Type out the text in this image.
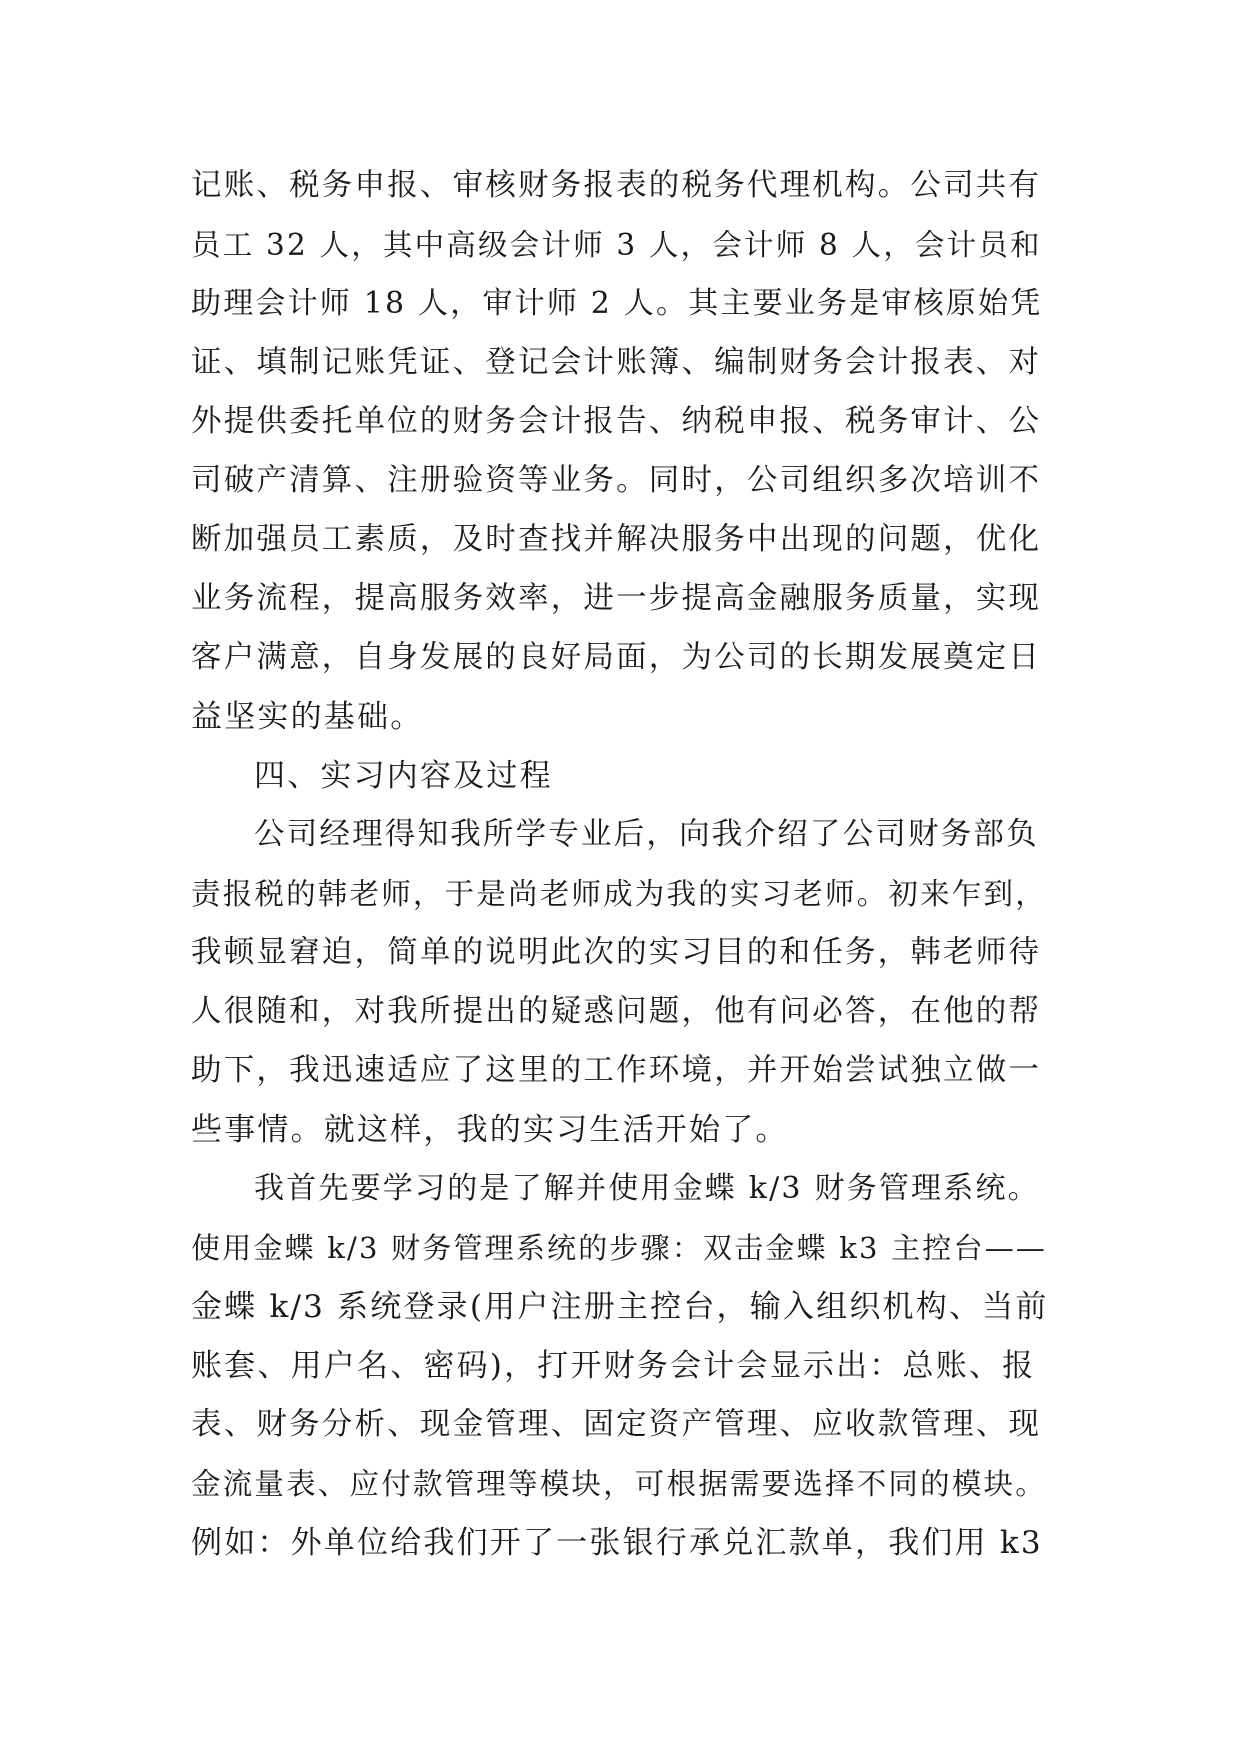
记账、税务申报、审核财务报表的税务代理机构。公司共有
员工 32 人，其中高级会计师 3 人，会计师 8 人，会计员和
助理会计师 18 人，审计师 2 人。其主要业务是审核原始凭
证、填制记账凭证、登记会计账簿、编制财务会计报表、对
外提供委托单位的财务会计报告、纳税申报、税务审计、公
司破产清算、注册验资等业务。同时，公司组织多次培训不
断加强员工素质，及时查找并解决服务中出现的问题，优化
业务流程，提高服务效率，进一步提高金融服务质量，实现
客户满意，自身发展的良好局面，为公司的长期发展奠定日
益坚实的基础。
四、实习内容及过程
公司经理得知我所学专业后，向我介绍了公司财务部负
责报税的韩老师，于是尚老师成为我的实习老师。初来乍到，
我顿显窘迫，简单的说明此次的实习目的和任务，韩老师待
人很随和，对我所提出的疑惑问题，他有问必答，在他的帮
助下，我迅速适应了这里的工作环境，并开始尝试独立做一
些事情。就这样，我的实习生活开始了。
我首先要学习的是了解并使用金蝶 k/3 财务管理系统。
使用金蝶 k/3 财务管理系统的步骤：双击金蝶 k3 主控台——
金蝶 k/3 系统登录(用户注册主控台，输入组织机构、当前
账套、用户名、密码)，打开财务会计会显示出：总账、报
表、财务分析、现金管理、固定资产管理、应收款管理、现
金流量表、应付款管理等模块，可根据需要选择不同的模块。
例如：外单位给我们开了一张银行承兑汇款单，我们用 k3
